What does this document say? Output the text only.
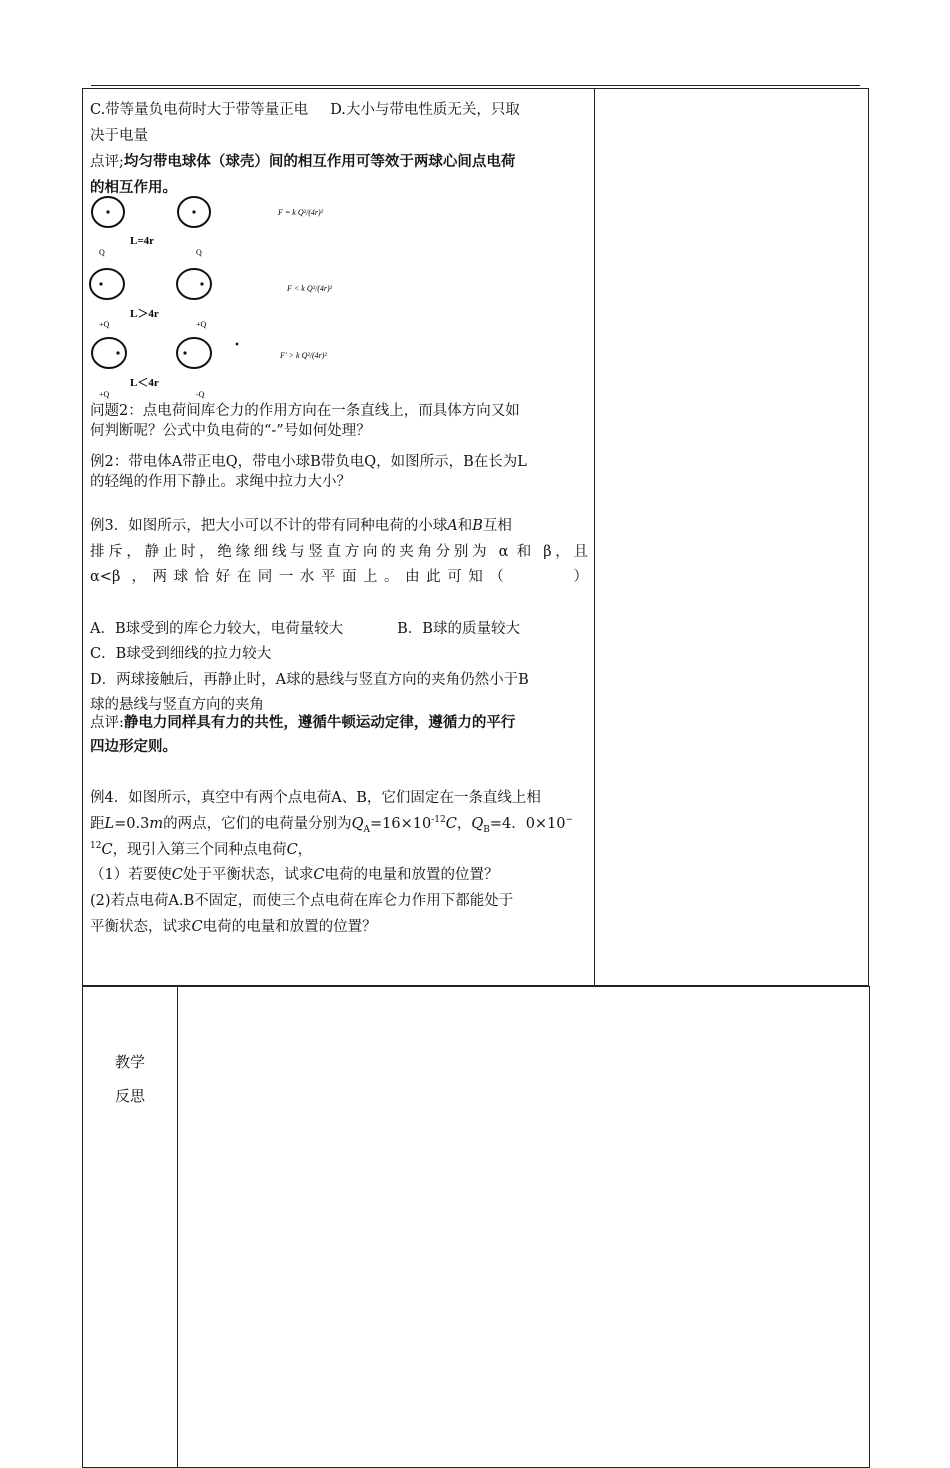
C.带等量负电荷时大于带等量正电 D.大小与带电性质无关，只取
决于电量
点评;均匀带电球体（球壳）间的相互作用可等效于两球心间点电荷
的相互作用。
L=4r
Q	Q
F = k Q²/(4r)²
L＞4r
+Q	+Q
F < k Q²/(4r)²
L＜4r
+Q	-Q
F′ > k Q²/(4r)²
问题2：点电荷间库仑力的作用方向在一条直线上，而具体方向又如
何判断呢？公式中负电荷的“-”号如何处理？
例2：带电体A带正电Q，带电小球B带负电Q，如图所示，B在长为L
的轻绳的作用下静止。求绳中拉力大小？
例3．如图所示，把大小可以不计的带有同种电荷的小球A和B互相
排斥，静止时，绝缘细线与竖直方向的夹角分别为 α 和 β，且
α<β ，两球恰好在同一水平面上。由此可知（　　　）
A．B球受到的库仑力较大，电荷量较大	B．B球的质量较大
C．B球受到细线的拉力较大
D．两球接触后，再静止时，A球的悬线与竖直方向的夹角仍然小于B
球的悬线与竖直方向的夹角
点评:静电力同样具有力的共性，遵循牛顿运动定律，遵循力的平行
四边形定则。
例4．如图所示，真空中有两个点电荷A、B，它们固定在一条直线上相
距L=0.3m的两点，它们的电荷量分别为$Q_A=16\times 10^{-12}C$，$Q_B=4$．0×10−
$^{12}$C，现引入第三个同种点电荷C，
（1）若要使C处于平衡状态，试求C电荷的电量和放置的位置？
(2)若点电荷A.B不固定，而使三个点电荷在库仑力作用下都能处于
平衡状态，试求C电荷的电量和放置的位置？
教学
反思
